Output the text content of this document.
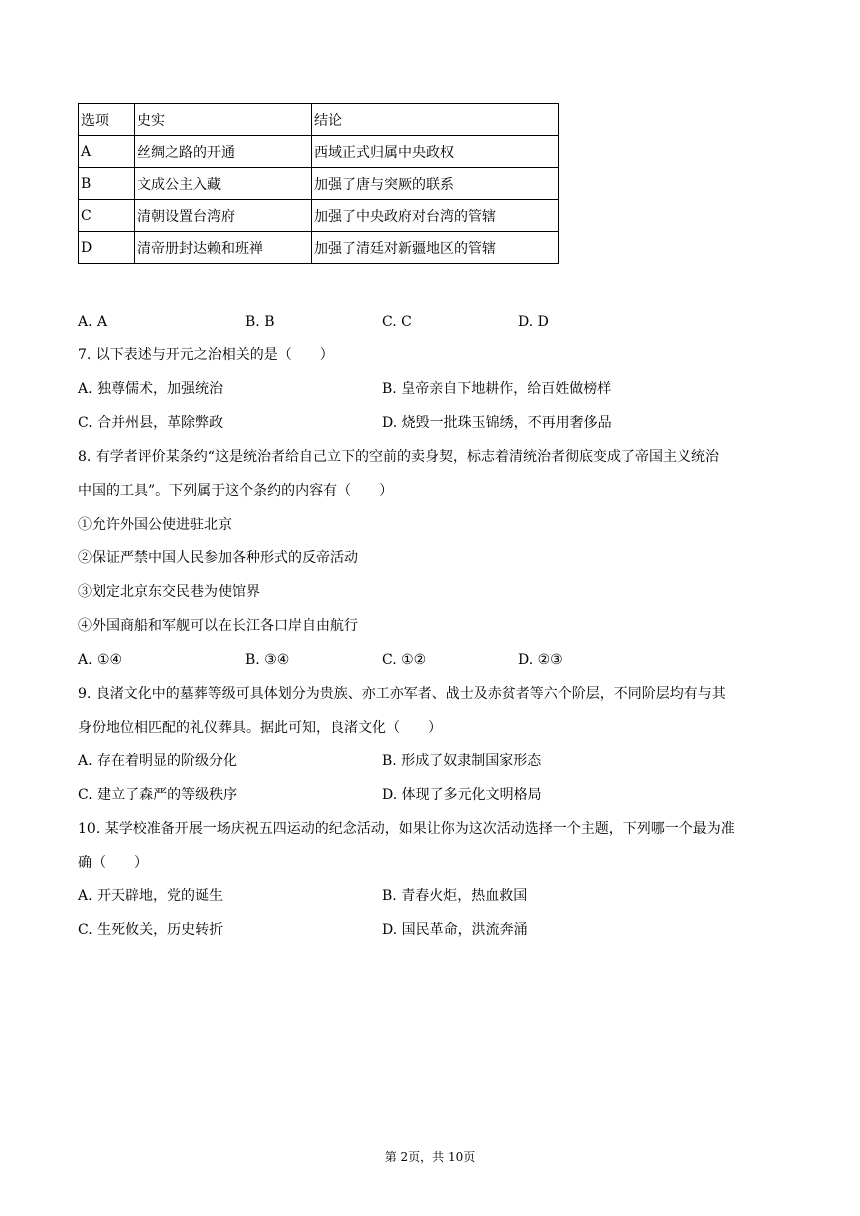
选项	史实	结论
A	丝绸之路的开通	西域正式归属中央政权
B	文成公主入藏	加强了唐与突厥的联系
C	清朝设置台湾府	加强了中央政府对台湾的管辖
D	清帝册封达赖和班禅	加强了清廷对新疆地区的管辖
A. A	B. B	C. C	D. D
7. 以下表述与开元之治相关的是（　　）
A. 独尊儒术，加强统治	B. 皇帝亲自下地耕作，给百姓做榜样
C. 合并州县，革除弊政	D. 烧毁一批珠玉锦绣，不再用奢侈品
8. 有学者评价某条约“这是统治者给自己立下的空前的卖身契，标志着清统治者彻底变成了帝国主义统治
中国的工具”。下列属于这个条约的内容有（　　）
①允许外国公使进驻北京
②保证严禁中国人民参加各种形式的反帝活动
③划定北京东交民巷为使馆界
④外国商船和军舰可以在长江各口岸自由航行
A. ①④	B. ③④	C. ①②	D. ②③
9. 良渚文化中的墓葬等级可具体划分为贵族、亦工亦军者、战士及赤贫者等六个阶层，不同阶层均有与其
身份地位相匹配的礼仪葬具。据此可知，良渚文化（　　）
A. 存在着明显的阶级分化	B. 形成了奴隶制国家形态
C. 建立了森严的等级秩序	D. 体现了多元化文明格局
10. 某学校准备开展一场庆祝五四运动的纪念活动，如果让你为这次活动选择一个主题，下列哪一个最为准
确（　　）
A. 开天辟地，党的诞生	B. 青春火炬，热血救国
C. 生死攸关，历史转折	D. 国民革命，洪流奔涌
第 2页，共 10页
